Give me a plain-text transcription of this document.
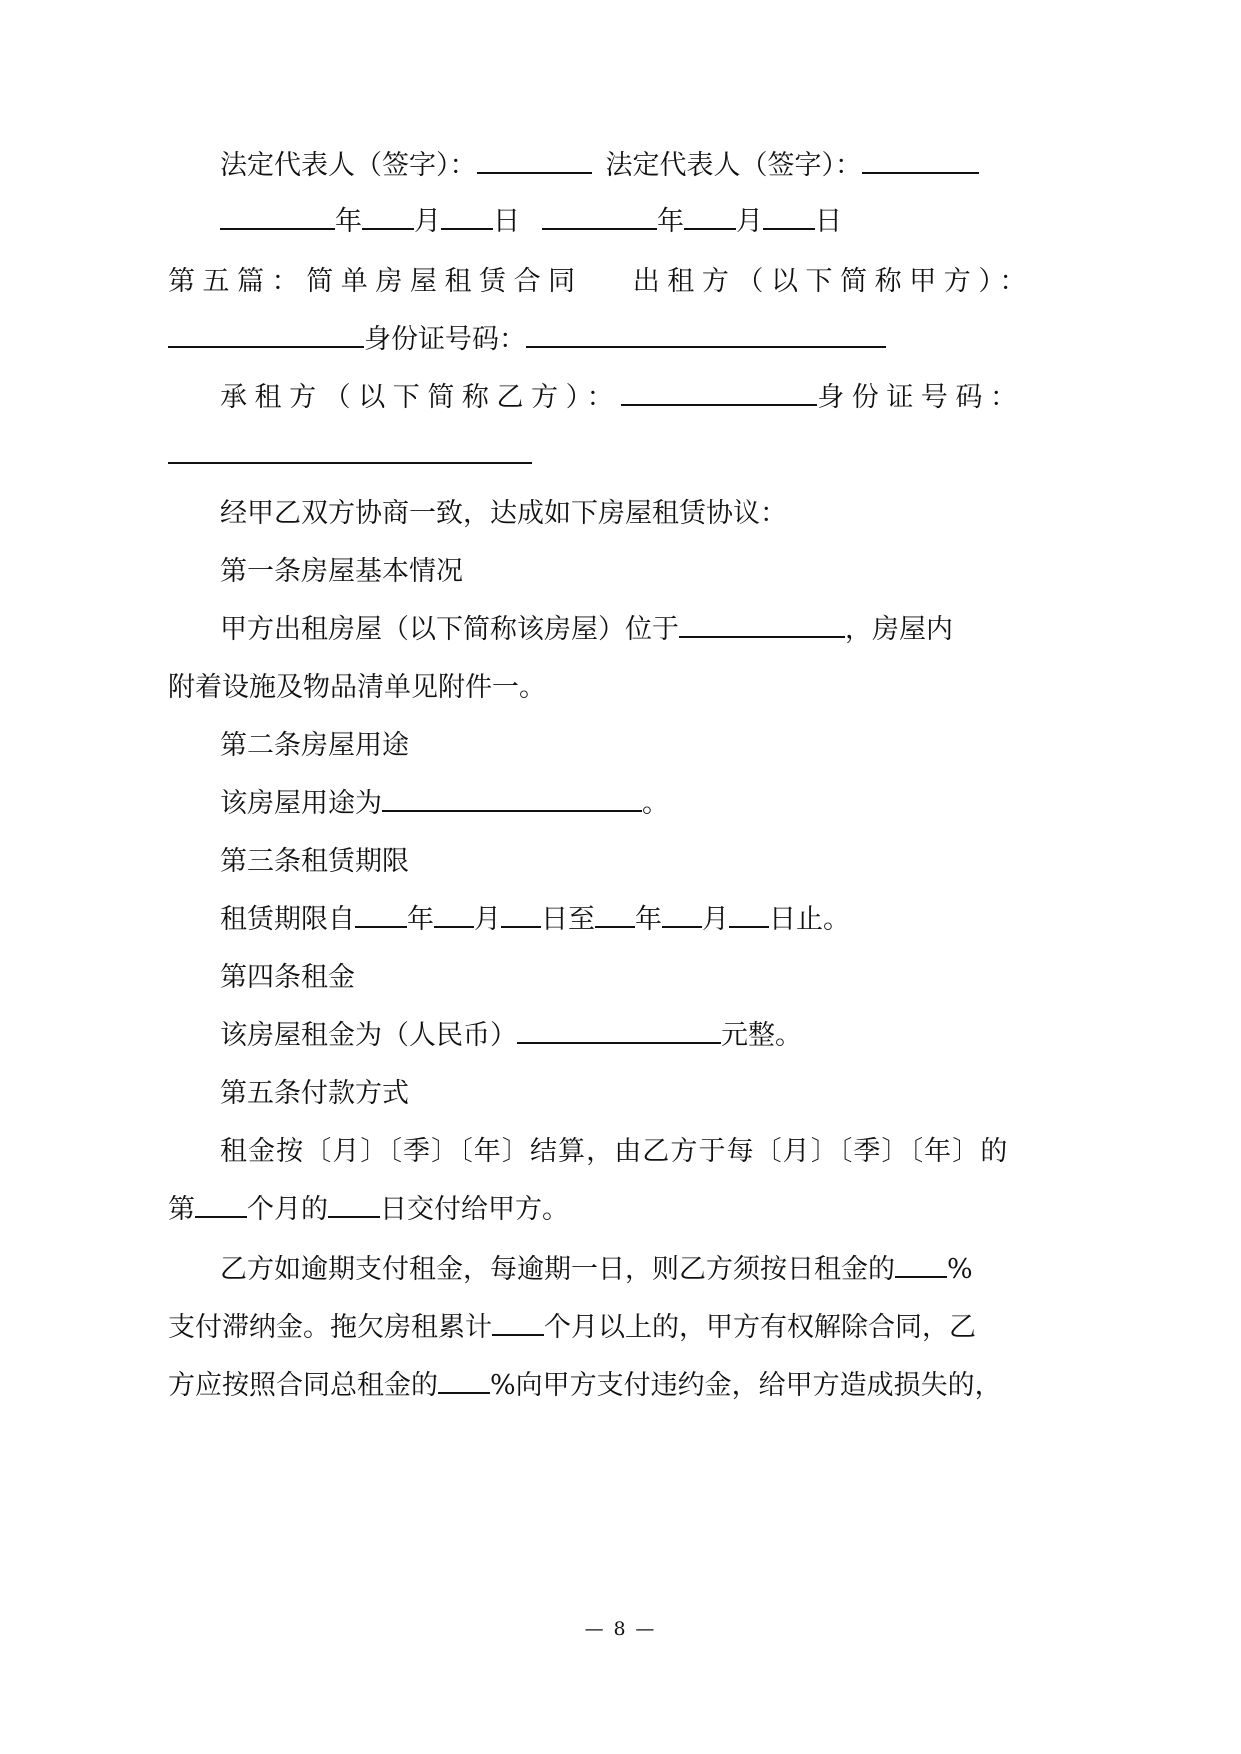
法定代表人（签字）：	法定代表人（签字）：
年 月 日	年 月 日
第五篇：简单房屋租赁合同 出租方（以下简称甲方）：
身份证号码：
承租方（以下简称乙方）：	身份证号码：
经甲乙双方协商一致，达成如下房屋租赁协议：
第一条房屋基本情况
甲方出租房屋（以下简称该房屋）位于	，房屋内
附着设施及物品清单见附件一。
第二条房屋用途
该房屋用途为	。
第三条租赁期限
租赁期限自 年 月 日至 年 月 日止。
第四条租金
该房屋租金为（人民币）	元整。
第五条付款方式
租金按〔月〕〔季〕〔年〕结算，由乙方于每〔月〕〔季〕〔年〕的
第 个月的 日交付给甲方。
乙方如逾期支付租金，每逾期一日，则乙方须按日租金的 %
支付滞纳金。拖欠房租累计 个月以上的，甲方有权解除合同，乙
方应按照合同总租金的 %向甲方支付违约金，给甲方造成损失的，
— 8 —
